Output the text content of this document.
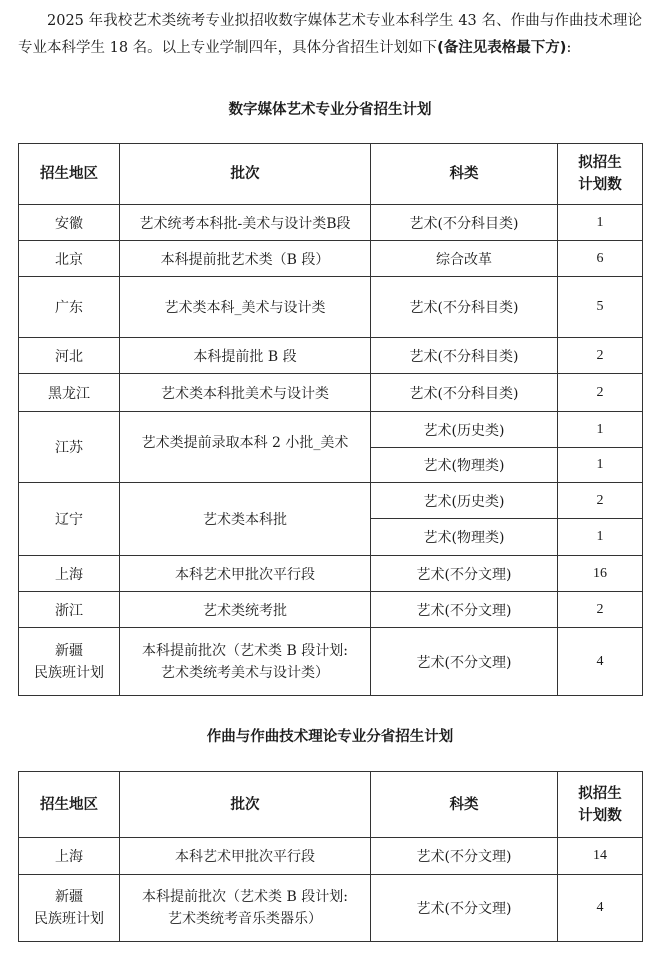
2025 年我校艺术类统考专业拟招收数字媒体艺术专业本科学生 43 名、作曲与作曲技术理论专业本科学生 18 名。以上专业学制四年，具体分省招生计划如下(备注见表格最下方):
数字媒体艺术专业分省招生计划
招生地区	批次	科类	拟招生
计划数
安徽	艺术统考本科批-美术与设计类B段	艺术(不分科目类)	1
北京	本科提前批艺术类（B 段）	综合改革	6
广东	艺术类本科_美术与设计类	艺术(不分科目类)	5
河北	本科提前批 B 段	艺术(不分科目类)	2
黑龙江	艺术类本科批美术与设计类	艺术(不分科目类)	2
江苏	艺术类提前录取本科 2 小批_美术	艺术(历史类)	1
		艺术(物理类)	1
辽宁	艺术类本科批	艺术(历史类)	2
		艺术(物理类)	1
上海	本科艺术甲批次平行段	艺术(不分文理)	16
浙江	艺术类统考批	艺术(不分文理)	2
新疆
民族班计划	本科提前批次（艺术类 B 段计划:
艺术类统考美术与设计类）	艺术(不分文理)	4
作曲与作曲技术理论专业分省招生计划
招生地区	批次	科类	拟招生
计划数
上海	本科艺术甲批次平行段	艺术(不分文理)	14
新疆
民族班计划	本科提前批次（艺术类 B 段计划:
艺术类统考音乐类器乐）	艺术(不分文理)	4
